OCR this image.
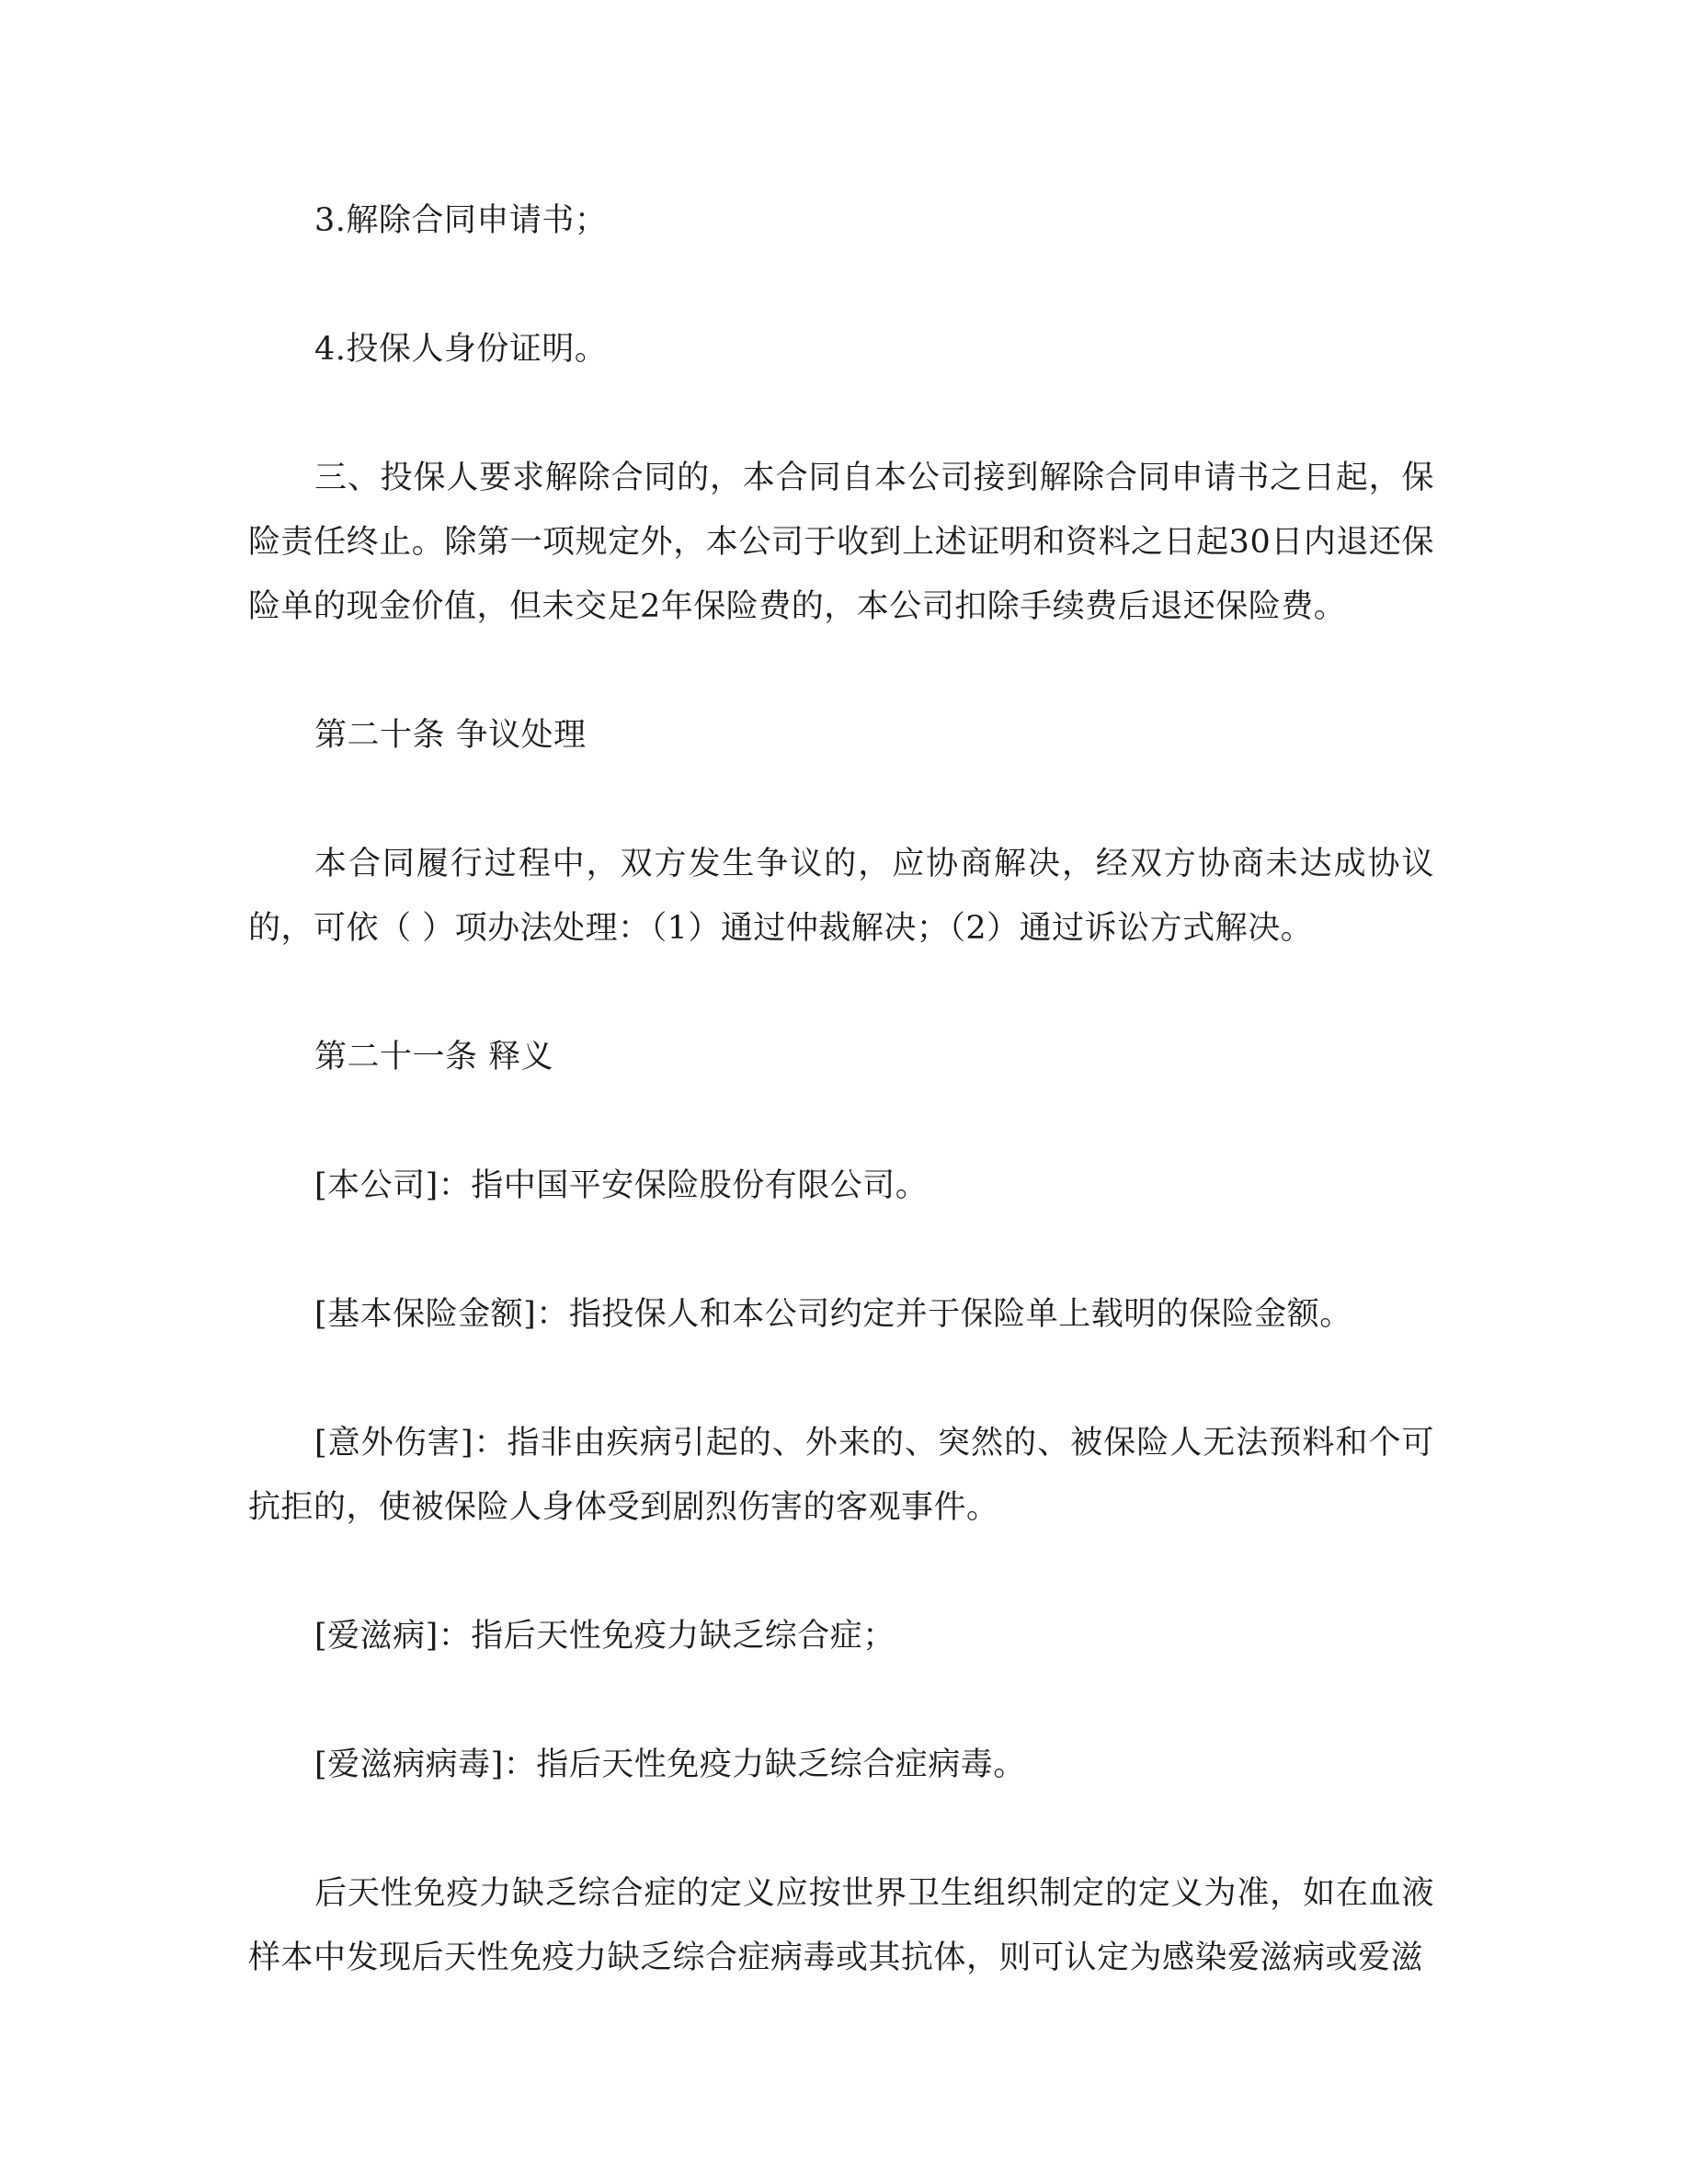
3.解除合同申请书；

4.投保人身份证明。

三、投保人要求解除合同的，本合同自本公司接到解除合同申请书之日起，保险责任终止。除第一项规定外，本公司于收到上述证明和资料之日起30日内退还保险单的现金价值，但未交足2年保险费的，本公司扣除手续费后退还保险费。

第二十条 争议处理

本合同履行过程中，双方发生争议的，应协商解决，经双方协商未达成协议的，可依（ ）项办法处理：（1）通过仲裁解决；（2）通过诉讼方式解决。

第二十一条 释义

[本公司]：指中国平安保险股份有限公司。

[基本保险金额]：指投保人和本公司约定并于保险单上载明的保险金额。

[意外伤害]：指非由疾病引起的、外来的、突然的、被保险人无法预料和个可抗拒的，使被保险人身体受到剧烈伤害的客观事件。

[爱滋病]：指后天性免疫力缺乏综合症；

[爱滋病病毒]：指后天性免疫力缺乏综合症病毒。

后天性免疫力缺乏综合症的定义应按世界卫生组织制定的定义为准，如在血液样本中发现后天性免疫力缺乏综合症病毒或其抗体，则可认定为感染爱滋病或爱滋
